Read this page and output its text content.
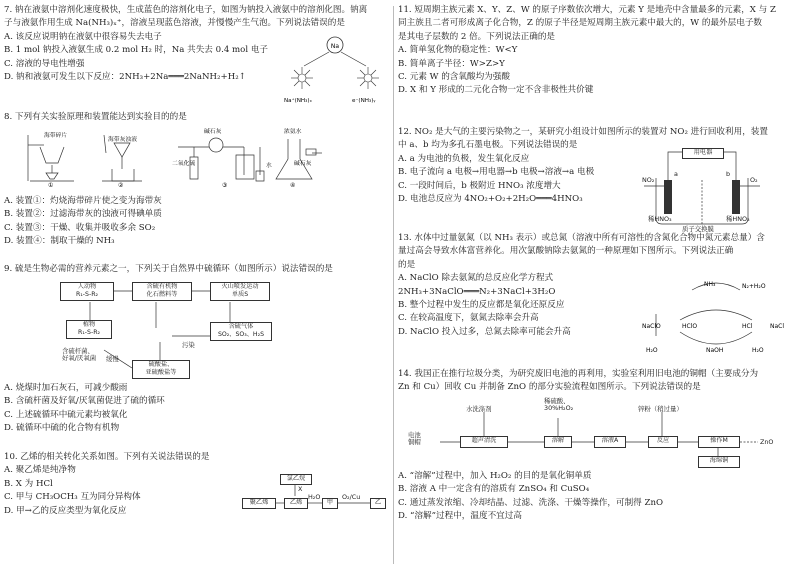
7. 钠在液氨中溶剂化速度极快，生成蓝色的溶剂化电子，如图为钠投入液氨中的溶剂化图。钠离

子与液氨作用生成 Na(NH₃)ₓ⁺，溶液呈现蓝色溶液，并慢慢产生气泡。下列说法错误的是

A. 该反应说明钠在液氨中很容易失去电子

B. 1 mol 钠投入液氨生成 0.2 mol H₂ 时，Na 共失去 0.4 mol 电子

C. 溶液的导电性增强

D. 钠和液氨可发生以下反应：2NH₃+2Na═══2NaNH₂+H₂↑

Na
Na⁺(NH₃)ₓ	e⁻(NH₃)ᵧ

8. 下列有关实验原理和装置能达到实验目的的是

海带碎片
海带灰浊液
碱石灰
二氧化硫
浓氨水
碱石灰
水
①	②	③	④

A. 装置①：灼烧海带碎片使之变为海带灰

B. 装置②：过滤海带灰的浊液可得碘单质

C. 装置③：干燥、收集并吸收多余 SO₂

D. 装置④：制取干燥的 NH₃

9. 硫是生物必需的营养元素之一，下列关于自然界中硫循环（如图所示）说法错误的是

人动物
R₁-S-R₂
含硫有机物
化石燃料等
火山喷发运动
单质S
含硫气体
SO₂、SO₃、H₂S
植物
R₁-S-R₂
硫酸盐、
亚硫酸盐等
含硫杆菌、
好氧/厌氧菌 缓慢
污染

A. 烧煤时加石灰石，可减少酸雨

B. 含硫杆菌及好氧/厌氧菌促进了硫的循环

C. 上述硫循环中硫元素均被氧化

D. 硫循环中硫的化合物有机物

10. 乙烯的相关转化关系如图。下列有关说法错误的是

A. 聚乙烯是纯净物

B. X 为 HCl

C. 甲与 CH₃OCH₃ 互为同分异构体

D. 甲→乙的反应类型为氧化反应

氯乙烷
聚乙烯	乙烯	甲	乙
X
H₂O	O₂/Cu

11. 短周期主族元素 X、Y、Z、W 的原子序数依次增大，元素 Y 是地壳中含量最多的元素，X 与 Z

同主族且二者可形成离子化合物，Z 的原子半径是短周期主族元素中最大的，W 的最外层电子数

是其电子层数的 2 倍。下列说法正确的是

A. 简单氢化物的稳定性：W<Y

B. 简单离子半径：W>Z>Y

C. 元素 W 的含氧酸均为强酸

D. X 和 Y 形成的二元化合物一定不含非极性共价键

12. NO₂ 是大气的主要污染物之一，某研究小组设计如图所示的装置对 NO₂ 进行回收利用，装置

中 a、b 均为多孔石墨电极。下列说法错误的是

A. a 为电池的负极，发生氧化反应

B. 电子流向 a 电极→用电器→b 电极→溶液→a 电极

C. 一段时间后，b 极附近 HNO₃ 浓度增大

D. 电池总反应为 4NO₂+O₂+2H₂O═══4HNO₃

用电器
a	b
NO₂	O₂
稀HNO₃	稀HNO₃
质子交换膜

13. 水体中过量氨氮（以 NH₃ 表示）或总氮（溶液中所有可溶性的含氮化合物中氮元素总量）含

量过高会导致水体富营养化。用次氯酸钠除去氨氮的一种原理如下图所示。下列说法正确

的是

A. NaClO 除去氨氮的总反应化学方程式

2NH₃+3NaClO═══N₂+3NaCl+3H₂O

B. 整个过程中发生的反应都是氧化还原反应

C. 在较高温度下，氨氮去除率会升高

D. NaClO 投入过多，总氮去除率可能会升高

NH₃	N₂+H₂O
NaClO	HClO	HCl
H₂O	NaOH	H₂O
NaCl

14. 我国正在推行垃圾分类，为研究废旧电池的再利用，实验室利用旧电池的铜帽（主要成分为

Zn 和 Cu）回收 Cu 并制备 ZnO 的部分实验流程如图所示。下列说法错误的是

电池
铜帽
水洗涤剂
稀硫酸、
30%H₂O₂	锌粉（稍过量）
超声清洗	溶解	溶液A	反应	操作M	ZnO
海绵铜

A. “溶解”过程中，加入 H₂O₂ 的目的是氧化铜单质

B. 溶液 A 中一定含有的溶质有 ZnSO₄ 和 CuSO₄

C. 通过蒸发浓缩、冷却结晶、过滤、洗涤、干燥等操作，可制得 ZnO

D. “溶解”过程中，温度不宜过高
